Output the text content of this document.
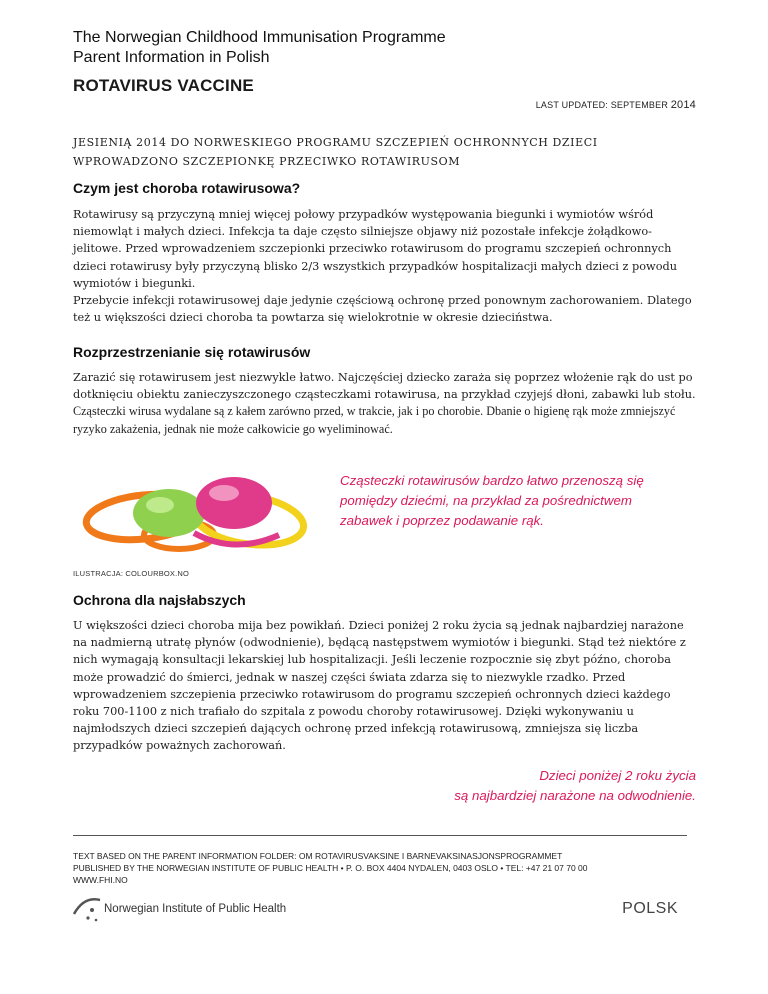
The Norwegian Childhood Immunisation Programme
Parent Information in Polish
ROTAVIRUS VACCINE
LAST UPDATED: SEPTEMBER 2014
JESIENIĄ 2014 DO NORWESKIEGO PROGRAMU SZCZEPIEŃ OCHRONNYCH DZIECI WPROWADZONO SZCZEPIONKĘ PRZECIWKO ROTAWIRUSOM
Czym jest choroba rotawirusowa?

Rotawirusy są przyczyną mniej więcej połowy przypadków występowania biegunki i wymiotów wśród niemowląt i małych dzieci. Infekcja ta daje często silniejsze objawy niż pozostałe infekcje żołądkowo-jelitowe. Przed wprowadzeniem szczepionki przeciwko rotawirusom do programu szczepień ochronnych dzieci rotawirusy były przyczyną blisko 2/3 wszystkich przypadków hospitalizacji małych dzieci z powodu wymiotów i biegunki.

Przebycie infekcji rotawirusowej daje jedynie częściową ochronę przed ponownym zachorowaniem. Dlatego też u większości dzieci choroba ta powtarza się wielokrotnie w okresie dzieciństwa.

Rozprzestrzenianie się rotawirusów

Zarazić się rotawirusem jest niezwykle łatwo. Najczęściej dziecko zaraża się poprzez włożenie rąk do ust po dotknięciu obiektu zanieczyszczonego cząsteczkami rotawirusa, na przykład czyjejś dłoni, zabawki lub stołu. Cząsteczki wirusa wydalane są z kałem zarówno przed, w trakcie, jak i po chorobie. Dbanie o higienę rąk może zmniejszyć ryzyko zakażenia, jednak nie może całkowicie go wyeliminować.

Cząsteczki rotawirusów bardzo łatwo przenoszą się
pomiędzy dziećmi, na przykład za pośrednictwem
zabawek i poprzez podawanie rąk.
ILUSTRACJA: COLOURBOX.NO
Ochrona dla najsłabszych

U większości dzieci choroba mija bez powikłań. Dzieci poniżej 2 roku życia są jednak najbardziej narażone na nadmierną utratę płynów (odwodnienie), będącą następstwem wymiotów i biegunki. Stąd też niektóre z nich wymagają konsultacji lekarskiej lub hospitalizacji. Jeśli leczenie rozpocznie się zbyt późno, choroba może prowadzić do śmierci, jednak w naszej części świata zdarza się to niezwykle rzadko. Przed wprowadzeniem szczepienia przeciwko rotawirusom do programu szczepień ochronnych dzieci każdego roku 700-1100 z nich trafiało do szpitala z powodu choroby rotawirusowej. Dzięki wykonywaniu u najmłodszych dzieci szczepień dających ochronę przed infekcją rotawirusową, zmniejsza się liczba przypadków poważnych zachorowań.

Dzieci poniżej 2 roku życia
są najbardziej narażone na odwodnienie.
TEXT BASED ON THE PARENT INFORMATION FOLDER: OM ROTAVIRUSVAKSINE I BARNEVAKSINASJONSPROGRAMMET
PUBLISHED BY THE NORWEGIAN INSTITUTE OF PUBLIC HEALTH • P. O. BOX 4404 NYDALEN, 0403 OSLO • TEL: +47 21 07 70 00
WWW.FHI.NO
Norwegian Institute of Public Health	POLSK
